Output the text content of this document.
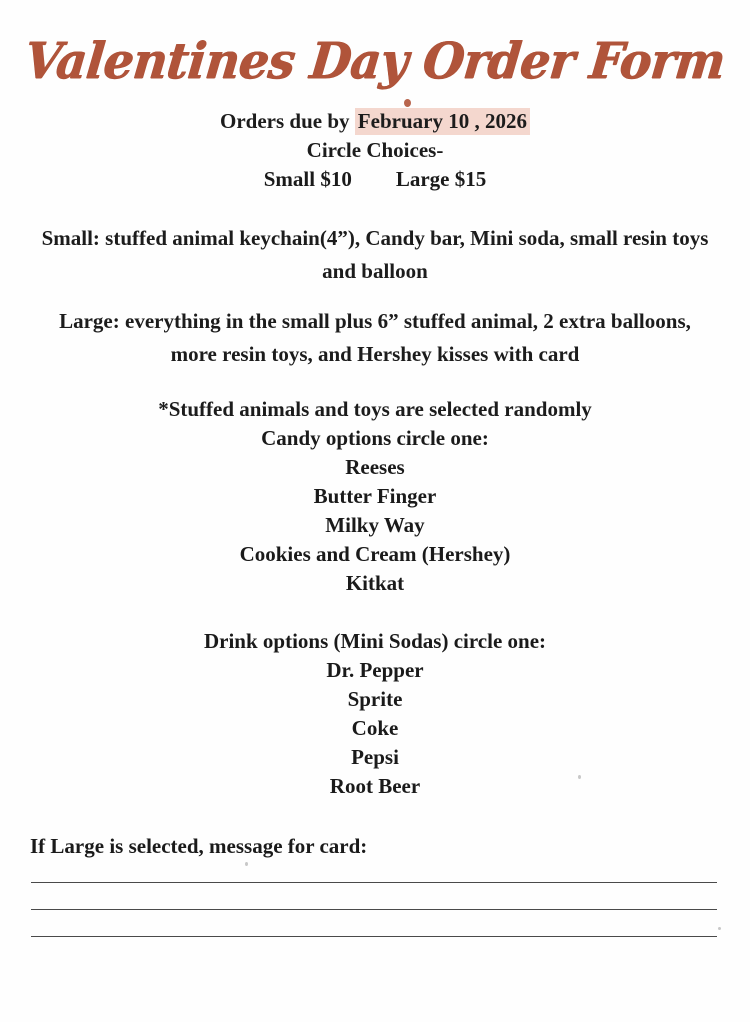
Valentines Day Order Form
Orders due by February 10 , 2026
Circle Choices-
Small $10 Large $15
Small: stuffed animal keychain(4”), Candy bar, Mini soda, small resin toys and balloon
Large: everything in the small plus 6” stuffed animal, 2 extra balloons, more resin toys, and Hershey kisses with card
*Stuffed animals and toys are selected randomly
Candy options circle one:
Reeses
Butter Finger
Milky Way
Cookies and Cream (Hershey)
Kitkat
Drink options (Mini Sodas) circle one:
Dr. Pepper
Sprite
Coke
Pepsi
Root Beer
If Large is selected, message for card:
